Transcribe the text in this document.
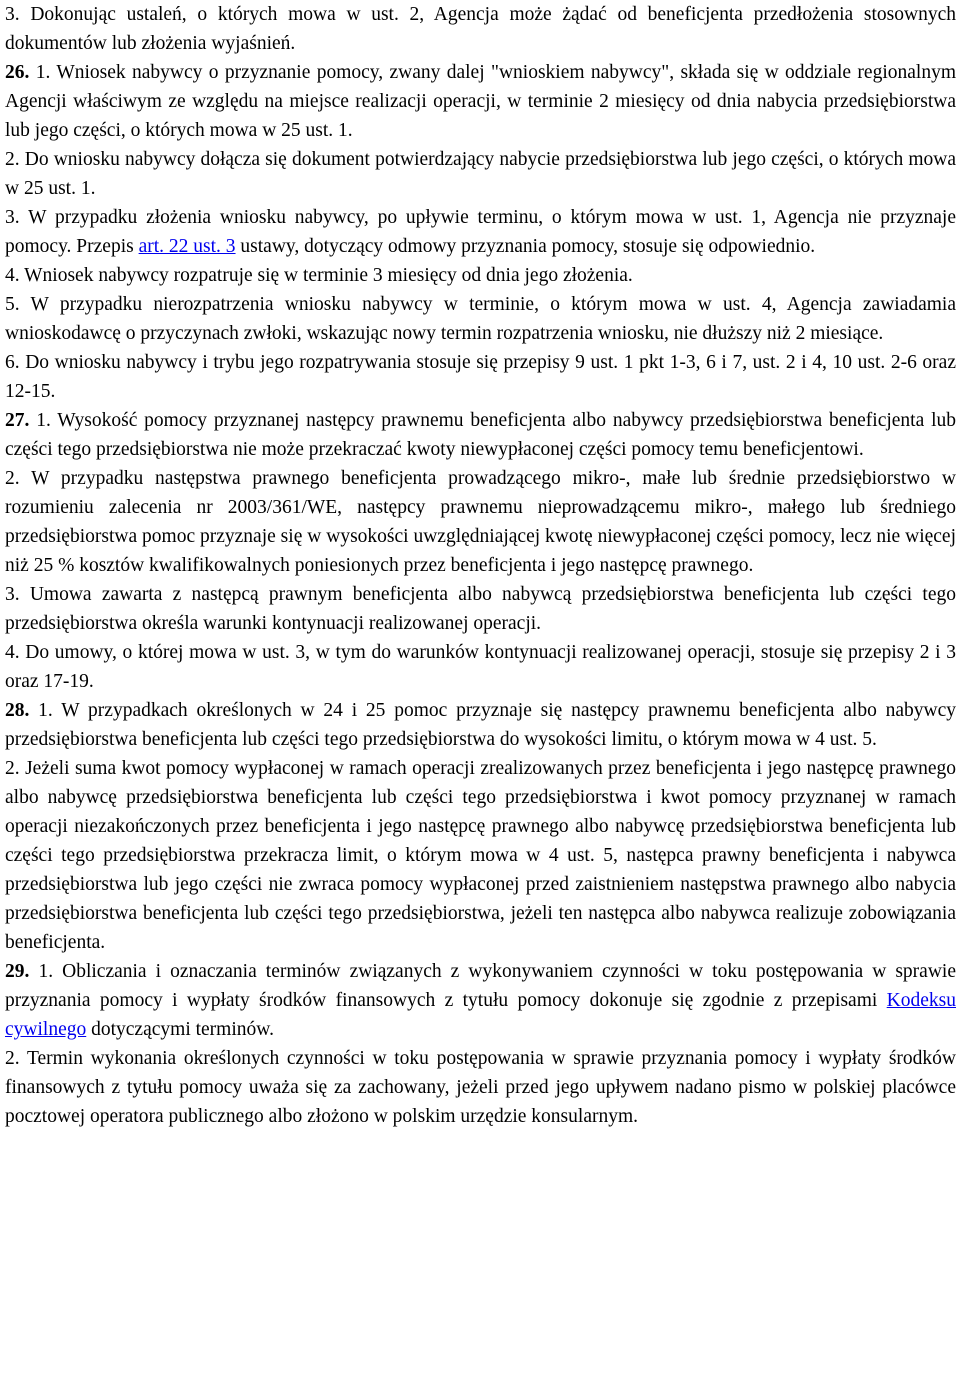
3. Dokonując ustaleń, o których mowa w ust. 2, Agencja może żądać od beneficjenta przedłożenia stosownych dokumentów lub złożenia wyjaśnień.

26. 1. Wniosek nabywcy o przyznanie pomocy, zwany dalej "wnioskiem nabywcy", składa się w oddziale regionalnym Agencji właściwym ze względu na miejsce realizacji operacji, w terminie 2 miesięcy od dnia nabycia przedsiębiorstwa lub jego części, o których mowa w 25 ust. 1.

2. Do wniosku nabywcy dołącza się dokument potwierdzający nabycie przedsiębiorstwa lub jego części, o których mowa w 25 ust. 1.

3. W przypadku złożenia wniosku nabywcy, po upływie terminu, o którym mowa w ust. 1, Agencja nie przyznaje pomocy. Przepis art. 22 ust. 3 ustawy, dotyczący odmowy przyznania pomocy, stosuje się odpowiednio.

4. Wniosek nabywcy rozpatruje się w terminie 3 miesięcy od dnia jego złożenia.

5. W przypadku nierozpatrzenia wniosku nabywcy w terminie, o którym mowa w ust. 4, Agencja zawiadamia wnioskodawcę o przyczynach zwłoki, wskazując nowy termin rozpatrzenia wniosku, nie dłuższy niż 2 miesiące.

6. Do wniosku nabywcy i trybu jego rozpatrywania stosuje się przepisy 9 ust. 1 pkt 1-3, 6 i 7, ust. 2 i 4, 10 ust. 2-6 oraz 12-15.

27. 1. Wysokość pomocy przyznanej następcy prawnemu beneficjenta albo nabywcy przedsiębiorstwa beneficjenta lub części tego przedsiębiorstwa nie może przekraczać kwoty niewypłaconej części pomocy temu beneficjentowi.

2. W przypadku następstwa prawnego beneficjenta prowadzącego mikro-, małe lub średnie przedsiębiorstwo w rozumieniu zalecenia nr 2003/361/WE, następcy prawnemu nieprowadzącemu mikro-, małego lub średniego przedsiębiorstwa pomoc przyznaje się w wysokości uwzględniającej kwotę niewypłaconej części pomocy, lecz nie więcej niż 25 % kosztów kwalifikowalnych poniesionych przez beneficjenta i jego następcę prawnego.

3. Umowa zawarta z następcą prawnym beneficjenta albo nabywcą przedsiębiorstwa beneficjenta lub części tego przedsiębiorstwa określa warunki kontynuacji realizowanej operacji.

4. Do umowy, o której mowa w ust. 3, w tym do warunków kontynuacji realizowanej operacji, stosuje się przepisy 2 i 3 oraz 17-19.

28. 1. W przypadkach określonych w 24 i 25 pomoc przyznaje się następcy prawnemu beneficjenta albo nabywcy przedsiębiorstwa beneficjenta lub części tego przedsiębiorstwa do wysokości limitu, o którym mowa w 4 ust. 5.

2. Jeżeli suma kwot pomocy wypłaconej w ramach operacji zrealizowanych przez beneficjenta i jego następcę prawnego albo nabywcę przedsiębiorstwa beneficjenta lub części tego przedsiębiorstwa i kwot pomocy przyznanej w ramach operacji niezakończonych przez beneficjenta i jego następcę prawnego albo nabywcę przedsiębiorstwa beneficjenta lub części tego przedsiębiorstwa przekracza limit, o którym mowa w 4 ust. 5, następca prawny beneficjenta i nabywca przedsiębiorstwa lub jego części nie zwraca pomocy wypłaconej przed zaistnieniem następstwa prawnego albo nabycia przedsiębiorstwa beneficjenta lub części tego przedsiębiorstwa, jeżeli ten następca albo nabywca realizuje zobowiązania beneficjenta.

29. 1. Obliczania i oznaczania terminów związanych z wykonywaniem czynności w toku postępowania w sprawie przyznania pomocy i wypłaty środków finansowych z tytułu pomocy dokonuje się zgodnie z przepisami Kodeksu cywilnego dotyczącymi terminów.

2. Termin wykonania określonych czynności w toku postępowania w sprawie przyznania pomocy i wypłaty środków finansowych z tytułu pomocy uważa się za zachowany, jeżeli przed jego upływem nadano pismo w polskiej placówce pocztowej operatora publicznego albo złożono w polskim urzędzie konsularnym.
